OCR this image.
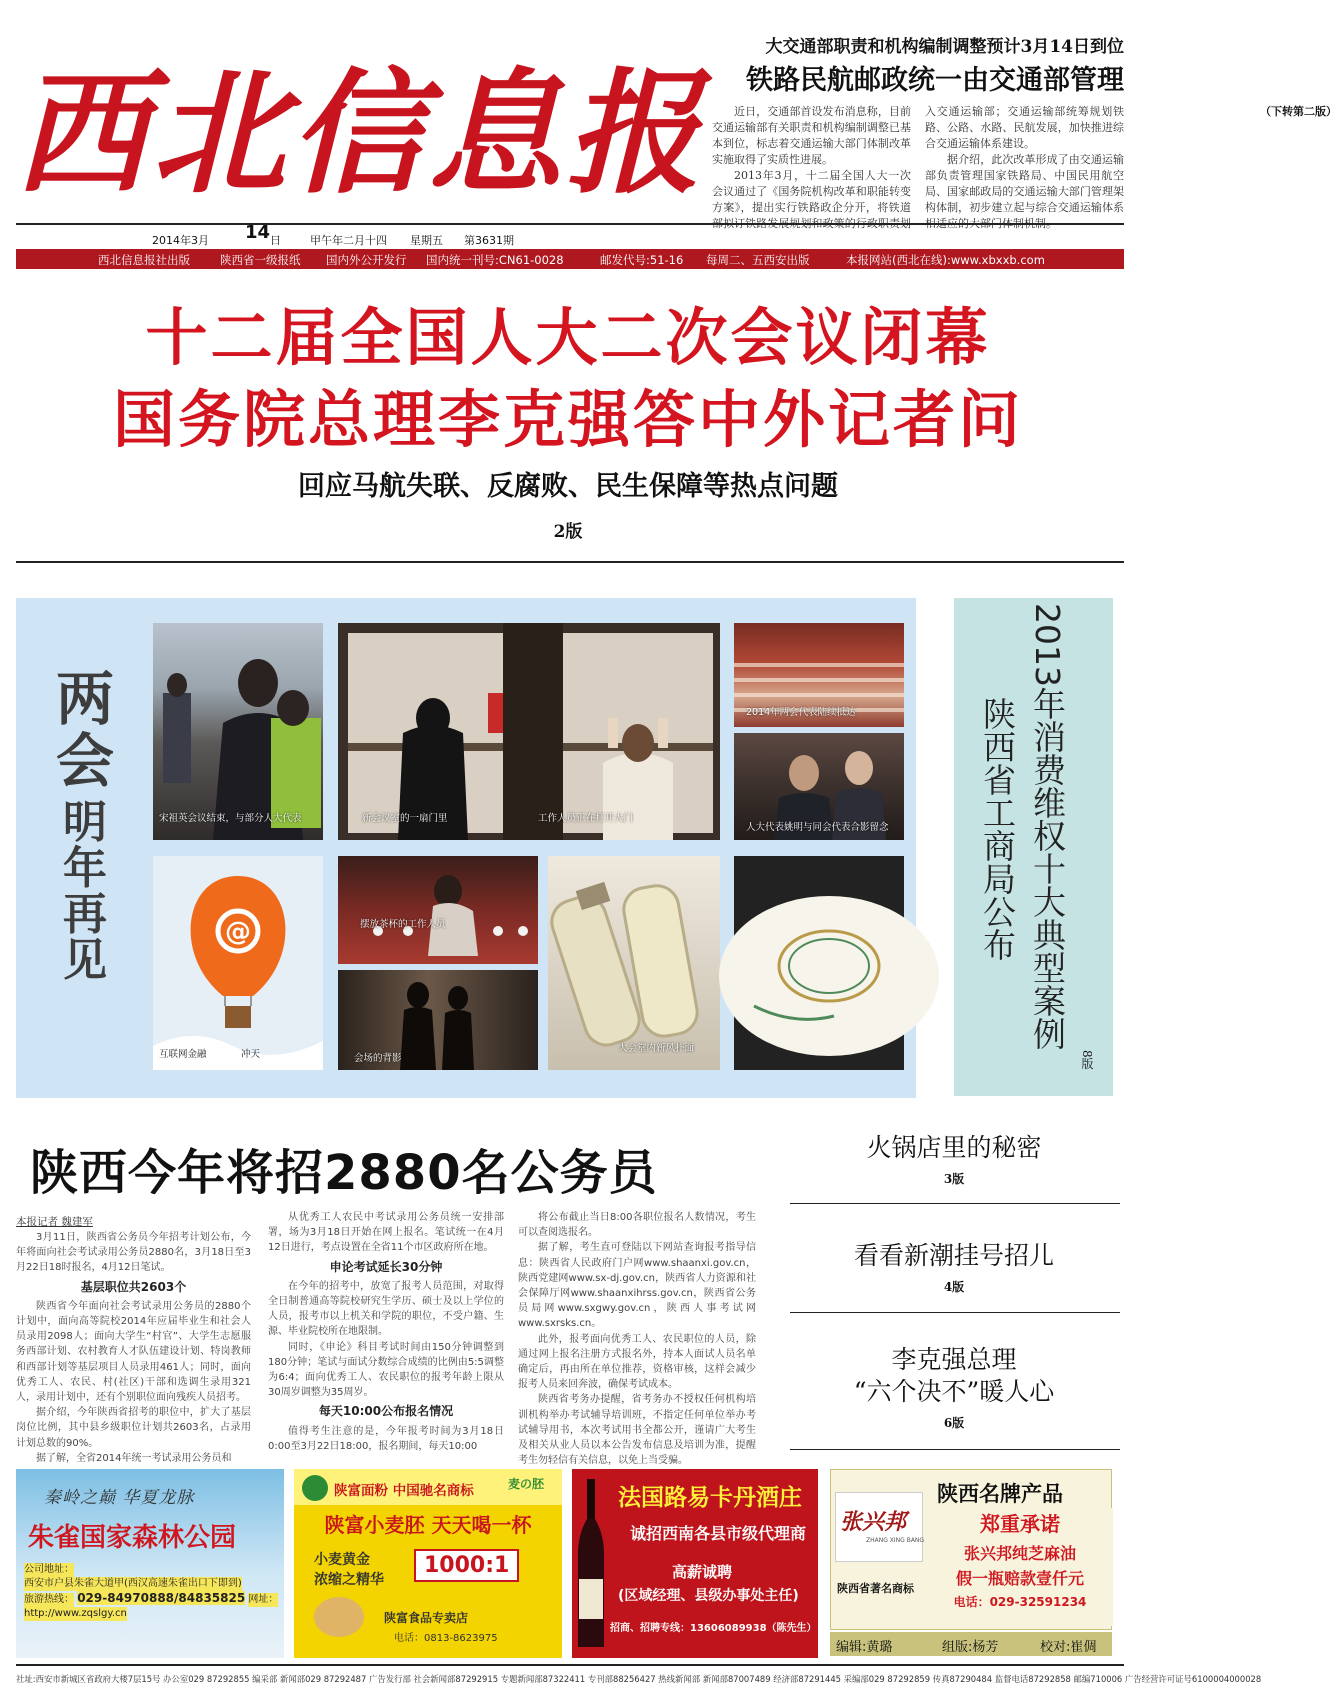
西北信息报
大交通部职责和机构编制调整预计3月14日到位
铁路民航邮政统一由交通部管理

近日，交通部首设发布消息称，目前交通运输部有关职责和机构编制调整已基本到位，标志着交通运输大部门体制改革实施取得了实质性进展。

2013年3月，十二届全国人大一次会议通过了《国务院机构改革和职能转变方案》，提出实行铁路政企分开，将铁道部拟订铁路发展规划和政策的行政职责划入交通运输部；交通运输部统筹规划铁路、公路、水路、民航发展，加快推进综合交通运输体系建设。

据介绍，此次改革形成了由交通运输部负责管理国家铁路局、中国民用航空局、国家邮政局的交通运输大部门管理架构体制，初步建立起与综合交通运输体系相适应的大部门体制机制。

（下转第二版）

2014年3月 14 日	甲午年二月十四 星期五 第3631期
西北信息报社出版	陕西省一级报纸 国内外公开发行 国内统一刊号:CN61-0028	邮发代号:51-16 每周二、五西安出版	本报网站(西北在线):www.xbxxb.com
十二届全国人大二次会议闭幕
国务院总理李克强答中外记者问
回应马航失联、反腐败、民生保障等热点问题
2版
两会
明年再见
宋祖英会议结束，与部分人大代表	新会议室的一扇门里	工作人员正在打开大门
2014年两会代表陆续抵达
人大代表姚明与同会代表合影留念
@
互联网金融	冲天
摆放茶杯的工作人员
会场的背影
大会堂内新风扑面	2013年消费维权十大典型案例
陕西省工商局公布
8版
陕西今年将招2880名公务员
本报记者 魏建军

3月11日，陕西省公务员今年招考计划公布，今年将面向社会考试录用公务员2880名，3月18日至3月22日18时报名，4月12日笔试。

基层职位共2603个

陕西省今年面向社会考试录用公务员的2880个计划中，面向高等院校2014年应届毕业生和社会人员录用2098人；面向大学生“村官”、大学生志愿服务西部计划、农村教育人才队伍建设计划、特岗教师和西部计划等基层项目人员录用461人；同时，面向优秀工人、农民、村(社区)干部和选调生录用321人，录用计划中，还有个别职位面向残疾人员招考。

据介绍，今年陕西省招考的职位中，扩大了基层岗位比例，其中县乡级职位计划共2603名，占录用计划总数的90%。

据了解，全省2014年统一考试录用公务员和

从优秀工人农民中考试录用公务员统一安排部署，场为3月18日开始在网上报名。笔试统一在4月12日进行，考点设置在全省11个市区政府所在地。

申论考试延长30分钟

在今年的招考中，放宽了报考人员范围，对取得全日制普通高等院校研究生学历、硕士及以上学位的人员，报考市以上机关和学院的职位，不受户籍、生源、毕业院校所在地限制。

同时，《申论》科目考试时间由150分钟调整到180分钟；笔试与面试分数综合成绩的比例由5:5调整为6:4；面向优秀工人、农民职位的报考年龄上限从30周岁调整为35周岁。

每天10:00公布报名情况

值得考生注意的是，今年报考时间为3月18日0:00至3月22日18:00，报名期间，每天10:00

将公布截止当日8:00各职位报名人数情况，考生可以查阅选报名。

据了解，考生直可登陆以下网站查询报考指导信息：陕西省人民政府门户网www.shaanxi.gov.cn，陕西党建网www.sx-dj.gov.cn，陕西省人力资源和社会保障厅网www.shaanxihrss.gov.cn，陕西省公务员局网www.sxgwy.gov.cn，陕西人事考试网www.sxrsks.cn。

此外，报考面向优秀工人、农民职位的人员，除通过网上报名注册方式报名外，持本人面试人员名单确定后，再由所在单位推荐，资格审核，这样会减少报考人员来回奔波，确保考试成本。

陕西省考务办提醒，省考务办不授权任何机构培训机构举办考试辅导培训班，不指定任何单位举办考试辅导用书，本次考试用书全都公开，谨请广大考生及相关从业人员以本公告发布信息及培训为准，提醒考生勿轻信有关信息，以免上当受骗。

火锅店里的秘密
3版
看看新潮挂号招儿
4版
李克强总理
“六个决不”暖人心
6版
秦岭之巅 华夏龙脉
朱雀国家森林公园
公司地址： 西安市户县朱雀大道甲(西汉高速朱雀出口下即到) 旅游热线： 029-84970888/84835825 网址： http://www.zqslgy.cn
陕富面粉 中国驰名商标	麦の胚
陕富小麦胚 天天喝一杯
小麦黄金
浓缩之精华
1000:1
陕富食品专卖店
电话：0813-8623975
法国路易卡丹酒庄
诚招西南各县市级代理商
高薪诚聘
(区域经理、县级办事处主任)
招商、招聘专线：13606089938（陈先生）
张兴邦
ZHANG XING BANG
陕西省著名商标
陕西名牌产品
郑重承诺
张兴邦纯芝麻油
假一瓶赔款壹仟元
电话：029-32591234
编辑:黄璐	组版:杨芳	校对:崔倜
社址:西安市新城区省政府大楼7层15号 办公室029 87292855 编采部 新闻部029 87292487 广告发行部 社会新闻部87292915 专题新闻部87322411 专刊部88256427 热线新闻部 新闻部87007489 经济部87291445 采编部029 87292859 传真87290484 监督电话87292858 邮编710006 广告经营许可证号6100004000028
